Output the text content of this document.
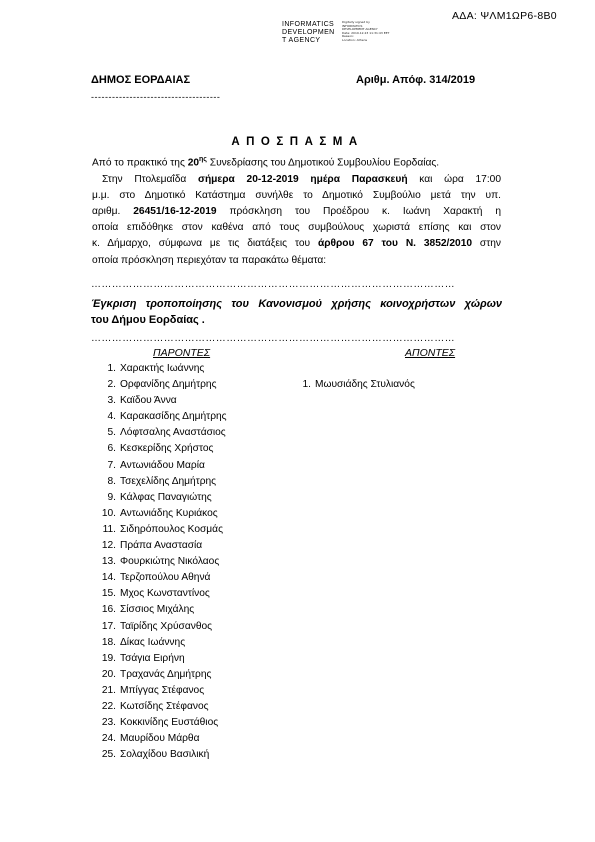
ΑΔΑ: ΨΛΜ1ΩΡ6-8Β0
INFORMATICS
DEVELOPMEN
T AGENCY
Digitally signed by
INFORMATICS
DEVELOPMENT AGENCY
Date: 2019.12.23 11:31:43 EET
Reason:
Location: Athens
ΔΗΜΟΣ ΕΟΡΔΑΙΑΣ
-------------------------------------
Αριθμ. Απόφ. 314/2019
ΑΠΟΣΠΑΣΜΑ

Από το πρακτικό της $20^{\eta\varsigma}$ Συνεδρίασης του Δημοτικού Συμβουλίου Εορδαίας.

Στην Πτολεμαΐδα σήμερα 20-12-2019 ημέρα Παρασκευή και ώρα 17:00

μ.μ. στο Δημοτικό Κατάστημα συνήλθε το Δημοτικό Συμβούλιο μετά την υπ.

αριθμ. 26451/16-12-2019 πρόσκληση του Προέδρου κ. Ιωάνη Χαρακτή η

οποία επιδόθηκε στον καθένα από τους συμβούλους χωριστά επίσης και στον

κ. Δήμαρχο, σύμφωνα με τις διατάξεις του άρθρου 67 του Ν. 3852/2010 στην

οποία πρόσκληση περιεχόταν τα παρακάτω θέματα:

……………………………………………………………………………………………
Έγκριση τροποποίησης του Κανονισμού χρήσης κοινοχρήστων χώρων
του Δήμου Εορδαίας .
……………………………………………………………………………………………
ΠΑΡΟΝΤΕΣ	ΑΠΟΝΤΕΣ
1. Χαρακτής Ιωάννης
2. Ορφανίδης Δημήτρης
3. Καϊδου Άννα
4. Καρακασίδης Δημήτρης
5. Λόφτσαλης Αναστάσιος
6. Κεσκερίδης Χρήστος
7. Αντωνιάδου Μαρία
8. Τσεχελίδης Δημήτρης
9. Κάλφας Παναγιώτης
10. Αντωνιάδης Κυριάκος
11. Σιδηρόπουλος Κοσμάς
12. Πράπα Αναστασία
13. Φουρκιώτης Νικόλαος
14. Τερζοπούλου Αθηνά
15. Μχος Κωνσταντίνος
16. Σίσσιος Μιχάλης
17. Ταϊρίδης Χρύσανθος
18. Δίκας Ιωάννης
19. Τσάγια Ειρήνη
20. Τραχανάς Δημήτρης
21. Μπίγγας Στέφανος
22. Κωτσίδης Στέφανος
23. Κοκκινίδης Ευστάθιος
24. Μαυρίδου Μάρθα
25. Σολαχίδου Βασιλική
1. Μωυσιάδης Στυλιανός
